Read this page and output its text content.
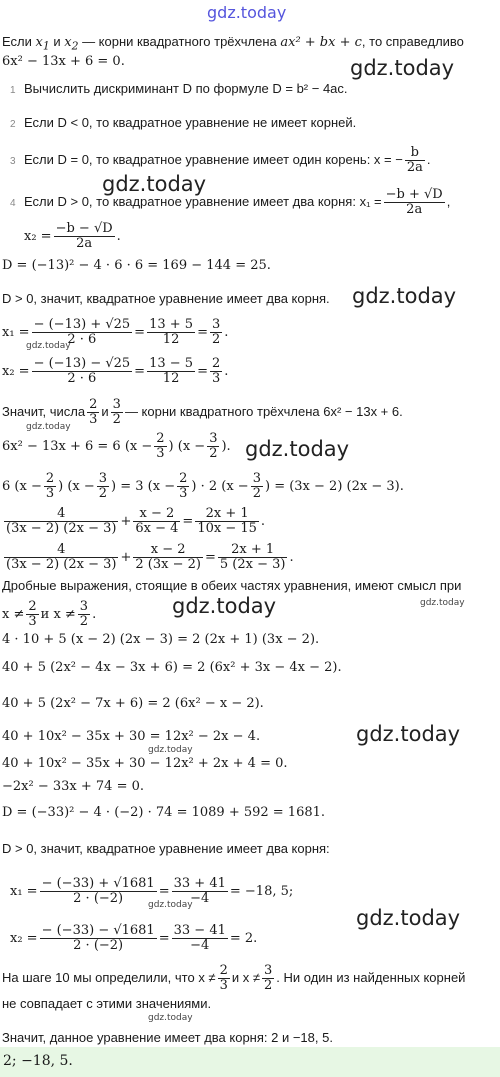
gdz.today
gdz.today
gdz.today
gdz.today
gdz.today
gdz.today
gdz.today
gdz.today	gdz.today
gdz.today
gdz.today
gdz.today
gdz.today
gdz.today
Если $x_1$ и $x_2$ — корни квадратного трёхчлена ax² + bx + c, то справедливо
6x² − 13x + 6 = 0.
1 Вычислить дискриминант D по формуле D = b² − 4ac.
2 Если D < 0, то квадратное уравнение не имеет корней.
3 Если D = 0, то квадратное уравнение имеет один корень: x = − $\frac{b}{2a}$ .
4 Если D > 0, то квадратное уравнение имеет два корня: $x_1 = \frac{-b + √D}{2a}$ ,
$x_2 = \frac{-b - √D}{2a}$ .
D = (−13)² − 4 · 6 · 6 = 169 − 144 = 25.
D > 0, значит, квадратное уравнение имеет два корня.
$x_1 = \frac{- (-13) + √25}{2 \cdot 6} = \frac{13 + 5}{12} = \frac{3}{2}$ .
$x_2 = \frac{- (-13) - √25}{2 \cdot 6} = \frac{13 - 5}{12} = \frac{2}{3}$ .
Значит, числа $\frac{2}{3}$ и $\frac{3}{2}$ — корни квадратного трёхчлена 6x² − 13x + 6.
6x² − 13x + 6 = 6 ($x - \frac{2}{3}$ ) ($x - \frac{3}{2}$ ).
6 ($x - \frac{2}{3}$ ) ($x - \frac{3}{2}$ ) = 3 ($x - \frac{2}{3}$ ) · 2 ($x - \frac{3}{2}$ ) = (3x − 2) (2x − 3).
$\frac{4}{(3x - 2) (2x - 3)} + \frac{x - 2}{6x - 4} = \frac{2x + 1}{10x - 15}$ .
$\frac{4}{(3x - 2) (2x - 3)} + \frac{x - 2}{2 (3x - 2)} = \frac{2x + 1}{5 (2x - 3)}$ .
Дробные выражения, стоящие в обеих частях уравнения, имеют смысл при
$x \ne \frac{2}{3}$ и $x \ne \frac{3}{2}$ .
4 · 10 + 5 (x − 2) (2x − 3) = 2 (2x + 1) (3x − 2).
40 + 5 (2x² − 4x − 3x + 6) = 2 (6x² + 3x − 4x − 2).
40 + 5 (2x² − 7x + 6) = 2 (6x² − x − 2).
40 + 10x² − 35x + 30 = 12x² − 2x − 4.
40 + 10x² − 35x + 30 − 12x² + 2x + 4 = 0.
−2x² − 33x + 74 = 0.
D = (−33)² − 4 · (−2) · 74 = 1089 + 592 = 1681.
D > 0, значит, квадратное уравнение имеет два корня:
$x_1 = \frac{- (-33) + √1681}{2 \cdot (-2)} = \frac{33 + 41}{-4} = -18$, 5;
$x_2 = \frac{- (-33) - √1681}{2 \cdot (-2)} = \frac{33 - 41}{-4} = 2$.
На шаге 10 мы определили, что $x \ne \frac{2}{3}$ и $x \ne \frac{3}{2}$ . Ни один из найденных корней
не совпадает с этими значениями.
Значит, данное уравнение имеет два корня: 2 и −18, 5.
2; −18, 5.
